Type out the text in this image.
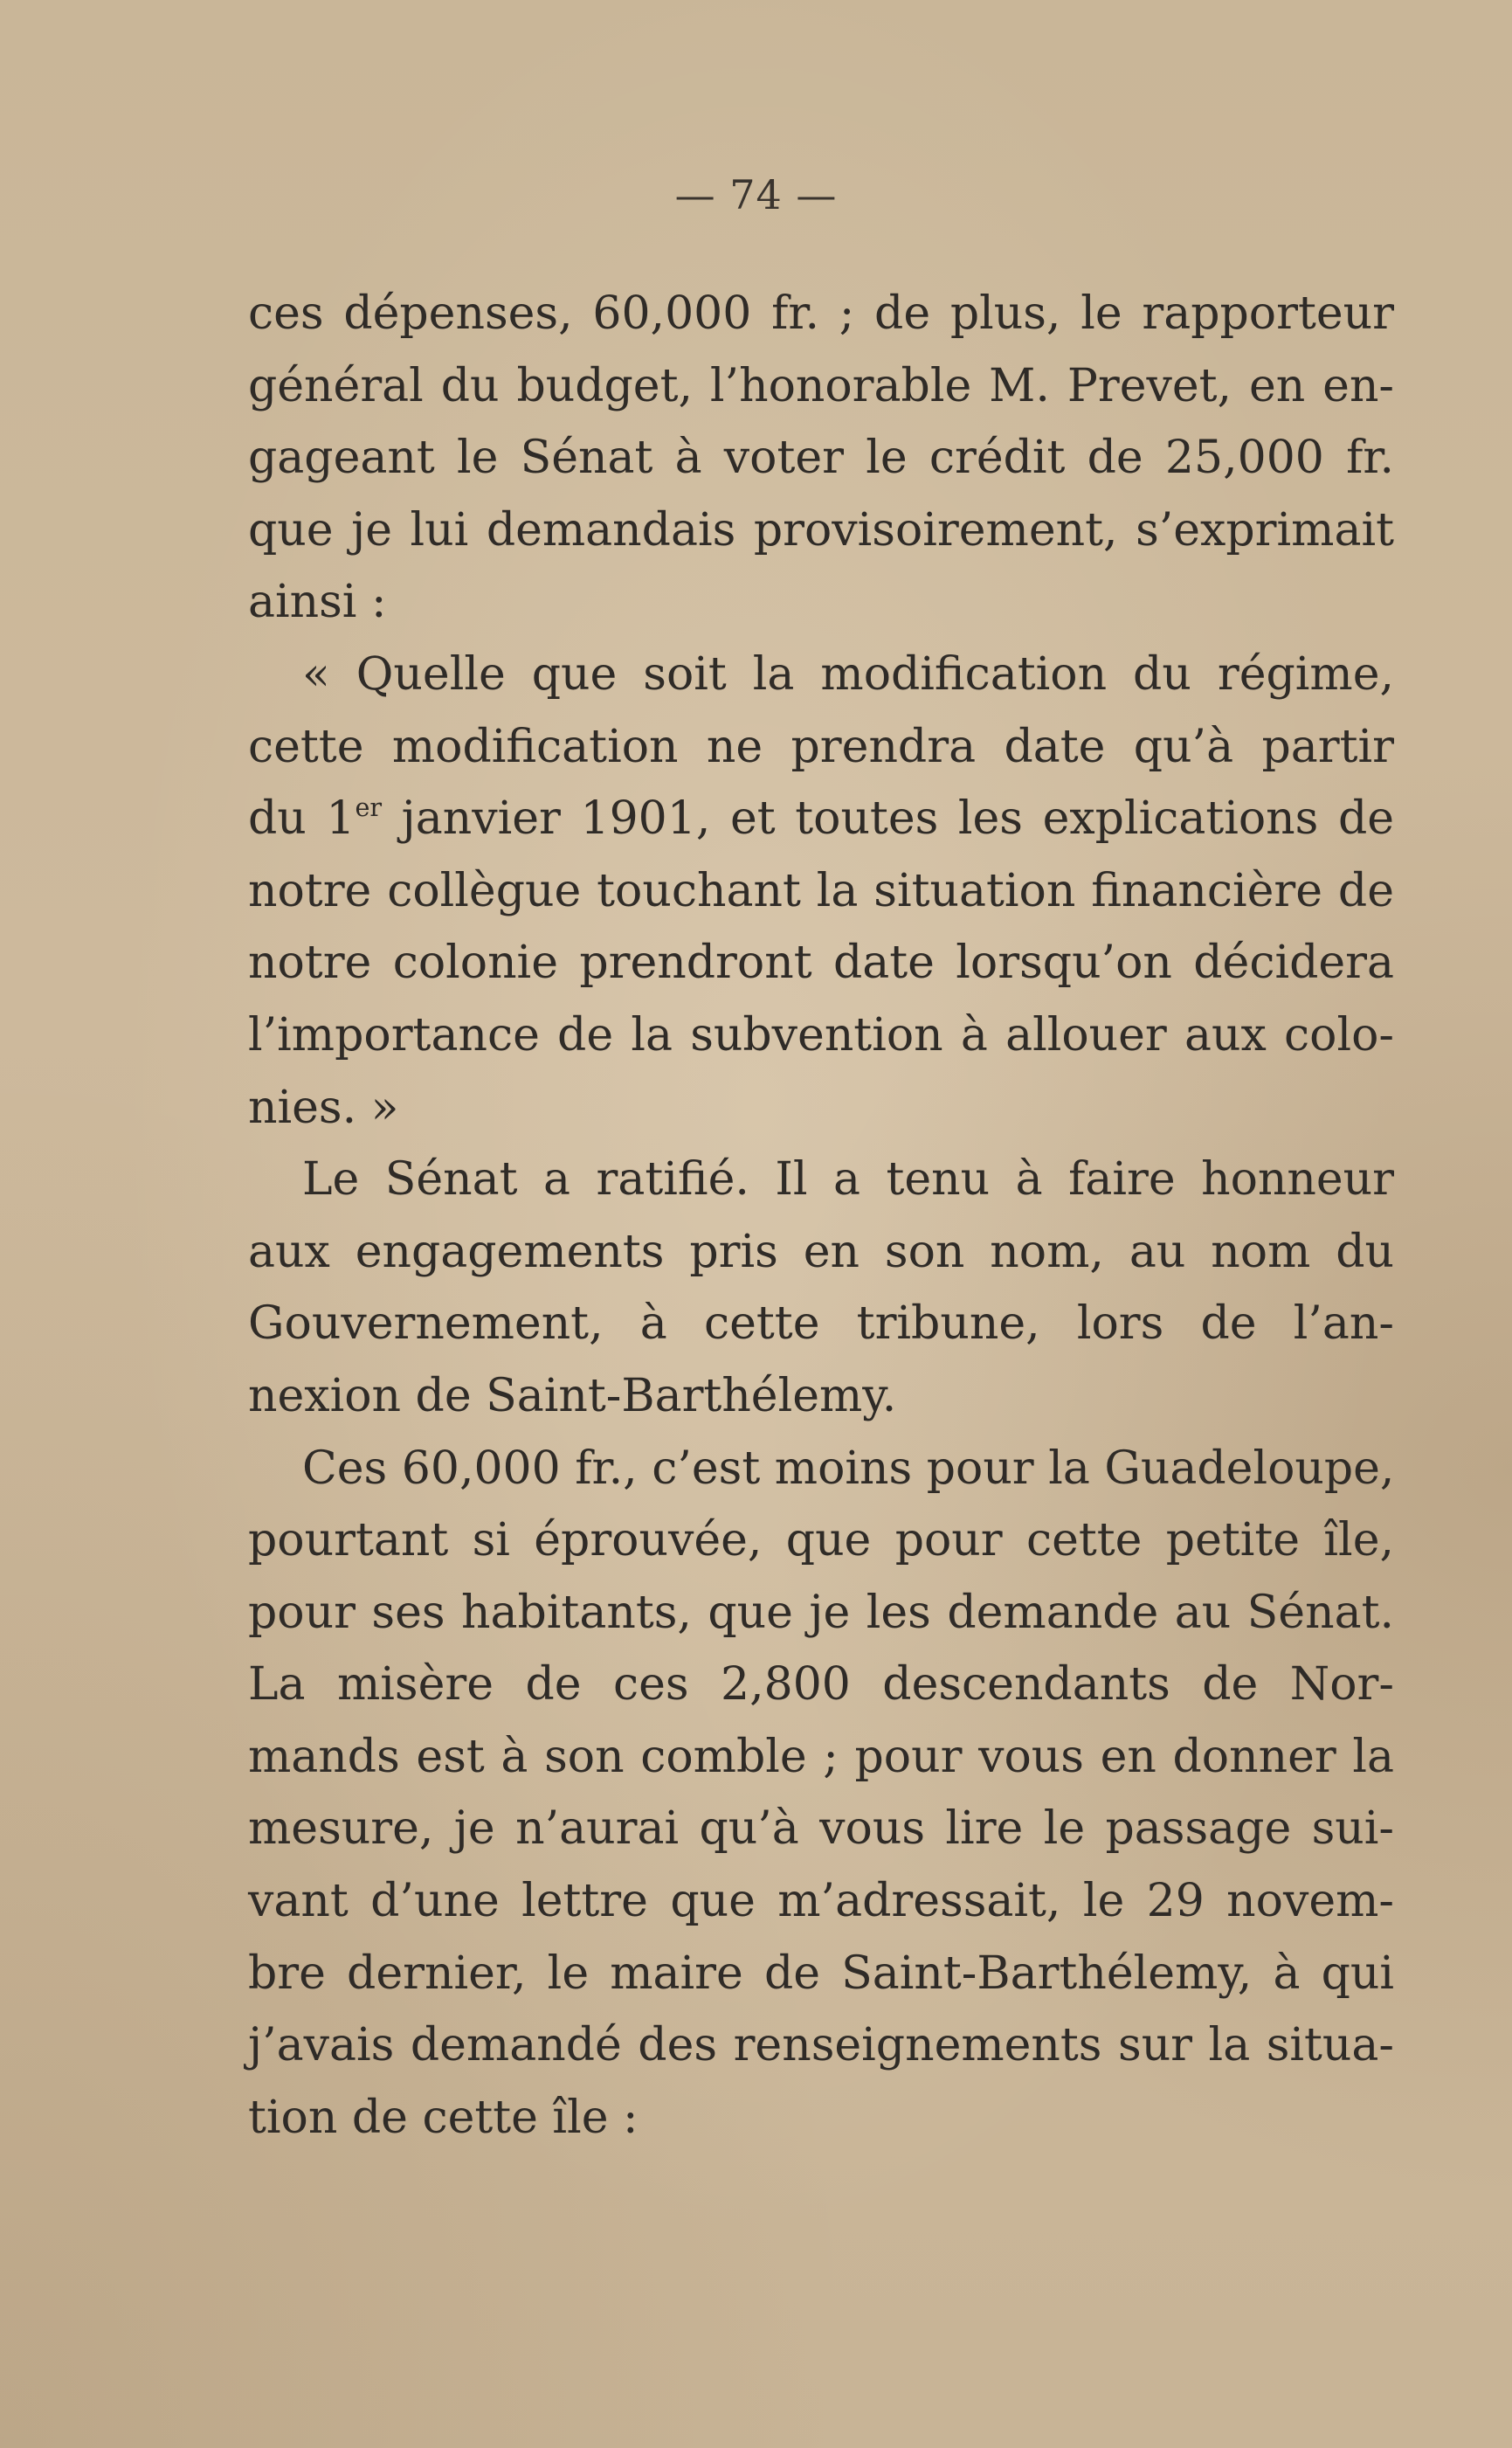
— 74 —
ces dépenses, 60,000 fr. ; de plus, le rapporteur
général du budget, l’honorable M. Prevet, en en-
gageant le Sénat à voter le crédit de 25,000 fr.
que je lui demandais provisoirement, s’exprimait
ainsi :
« Quelle que soit la modification du régime,
cette modification ne prendra date qu’à partir
du 1er janvier 1901, et toutes les explications de
notre collègue touchant la situation financière de
notre colonie prendront date lorsqu’on décidera
l’importance de la subvention à allouer aux colo-
nies. »
Le Sénat a ratifié. Il a tenu à faire honneur
aux engagements pris en son nom, au nom du
Gouvernement, à cette tribune, lors de l’an-
nexion de Saint-Barthélemy.
Ces 60,000 fr., c’est moins pour la Guadeloupe,
pourtant si éprouvée, que pour cette petite île,
pour ses habitants, que je les demande au Sénat.
La misère de ces 2,800 descendants de Nor-
mands est à son comble ; pour vous en donner la
mesure, je n’aurai qu’à vous lire le passage sui-
vant d’une lettre que m’adressait, le 29 novem-
bre dernier, le maire de Saint-Barthélemy, à qui
j’avais demandé des renseignements sur la situa-
tion de cette île :
